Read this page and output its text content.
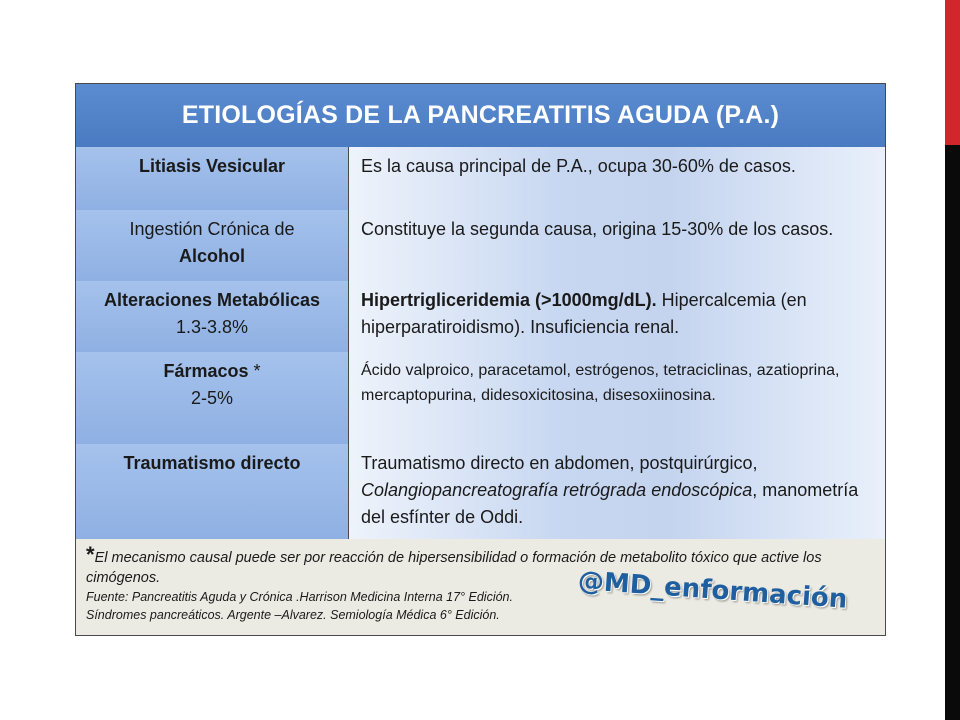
ETIOLOGÍAS DE LA PANCREATITIS AGUDA (P.A.)
Litiasis Vesicular	Es la causa principal de P.A., ocupa 30-60% de casos.
Ingestión Crónica de
Alcohol
Constituye la segunda causa, origina 15-30% de los casos.
Alteraciones Metabólicas
1.3-3.8%
Hipertrigliceridemia (>1000mg/dL). Hipercalcemia (en hiperparatiroidismo). Insuficiencia renal.
Fármacos *
2-5%
Ácido valproico, paracetamol, estrógenos, tetraciclinas, azatioprina, mercaptopurina, didesoxicitosina, disesoxiinosina.
Traumatismo directo	Traumatismo directo en abdomen, postquirúrgico, Colangiopancreatografía retrógrada endoscópica, manometría del esfínter de Oddi.
*El mecanismo causal puede ser por reacción de hipersensibilidad o formación de metabolito tóxico que active los cimógenos.
Fuente: Pancreatitis Aguda y Crónica .Harrison Medicina Interna 17° Edición.
Síndromes pancreáticos. Argente –Alvarez. Semiología Médica 6° Edición.
@MD_enformación
